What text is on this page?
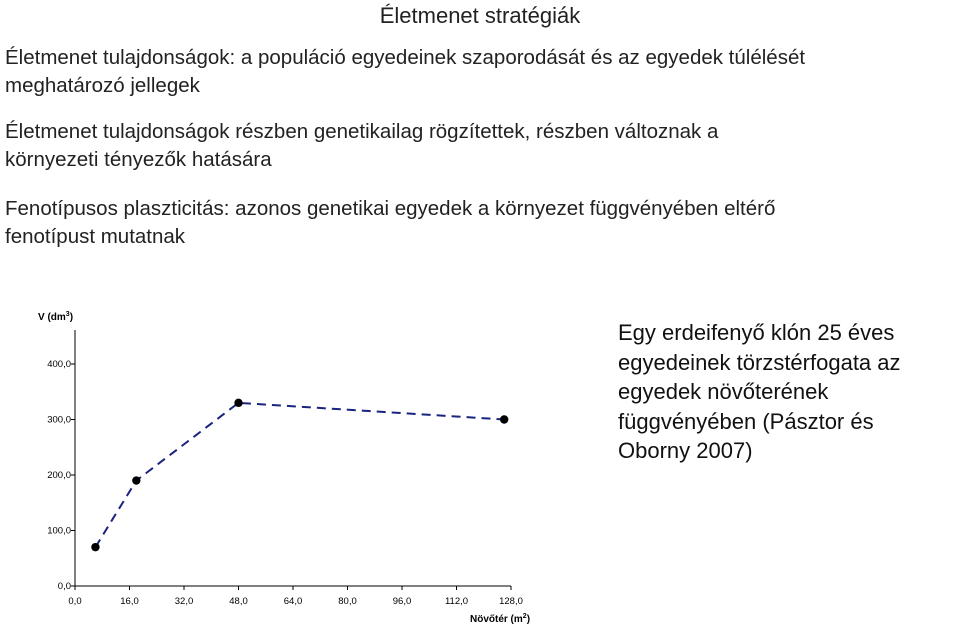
Életmenet stratégiák
Életmenet tulajdonságok: a populáció egyedeinek szaporodását és az egyedek túlélését
meghatározó jellegek
Életmenet tulajdonságok részben genetikailag rögzítettek, részben változnak a
környezeti tényezők hatására
Fenotípusos plaszticitás: azonos genetikai egyedek a környezet függvényében eltérő
fenotípust mutatnak
0,0
100,0
200,0
300,0
400,0
0,0	16,0	32,0	48,0	64,0	80,0	96,0	112,0	128,0
V $(dm^3)$
Növőtér $(m^2)$
Egy erdeifenyő klón 25 éves
egyedeinek törzstérfogata az
egyedek növőterének
függvényében (Pásztor és
Oborny 2007)
